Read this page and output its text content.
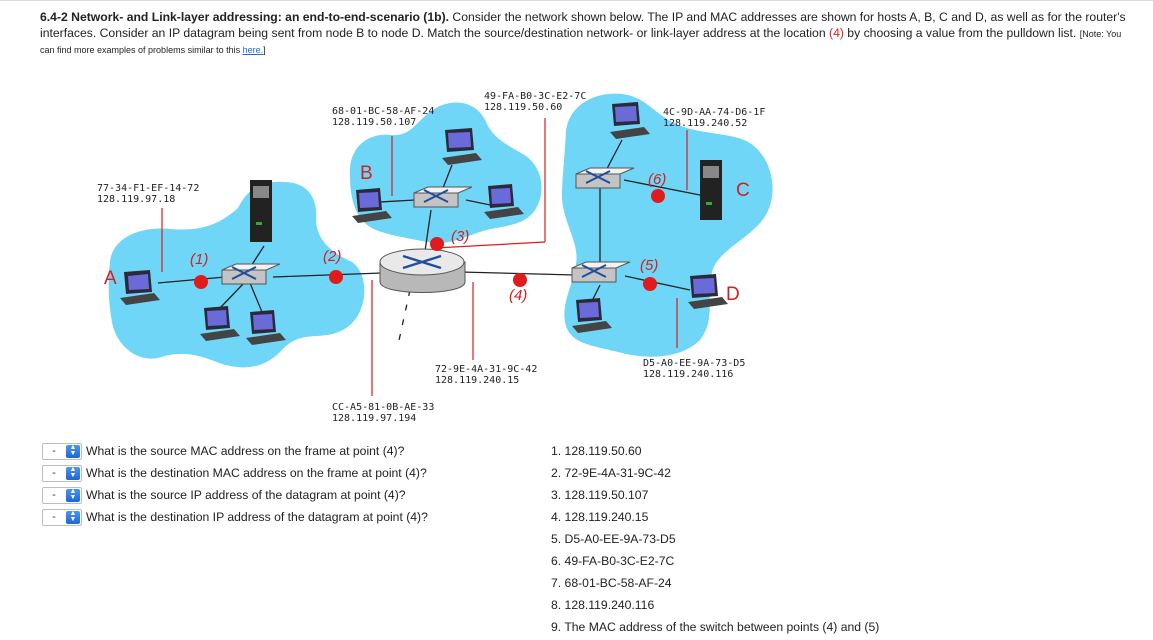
6.4-2 Network- and Link-layer addressing: an end-to-end-scenario (1b). Consider the network shown below. The IP and MAC addresses are shown for hosts A, B, C and D, as well as for the router's interfaces. Consider an IP datagram being sent from node B to node D. Match the source/destination network- or link-layer address at the location (4) by choosing a value from the pulldown list. [Note: You can find more examples of problems similar to this here.]
(1)	(2)
(3)
(4)
(5)
(6)
A
B
C
D
77-34-F1-EF-14-72
128.119.97.18
68-01-BC-58-AF-24
128.119.50.107
49-FA-B0-3C-E2-7C
128.119.50.60	4C-9D-AA-74-D6-1F
128.119.240.52
D5-A0-EE-9A-73-D5
128.119.240.116
72-9E-4A-31-9C-42
128.119.240.15
CC-A5-81-0B-AE-33
128.119.97.194
-	▲
▼ What is the source MAC address on the frame at point (4)?
-	▲
▼ What is the destination MAC address on the frame at point (4)?
-	▲
▼ What is the source IP address of the datagram at point (4)?
-	▲
▼ What is the destination IP address of the datagram at point (4)?
1. 128.119.50.60
2. 72-9E-4A-31-9C-42
3. 128.119.50.107
4. 128.119.240.15
5. D5-A0-EE-9A-73-D5
6. 49-FA-B0-3C-E2-7C
7. 68-01-BC-58-AF-24
8. 128.119.240.116
9. The MAC address of the switch between points (4) and (5)
